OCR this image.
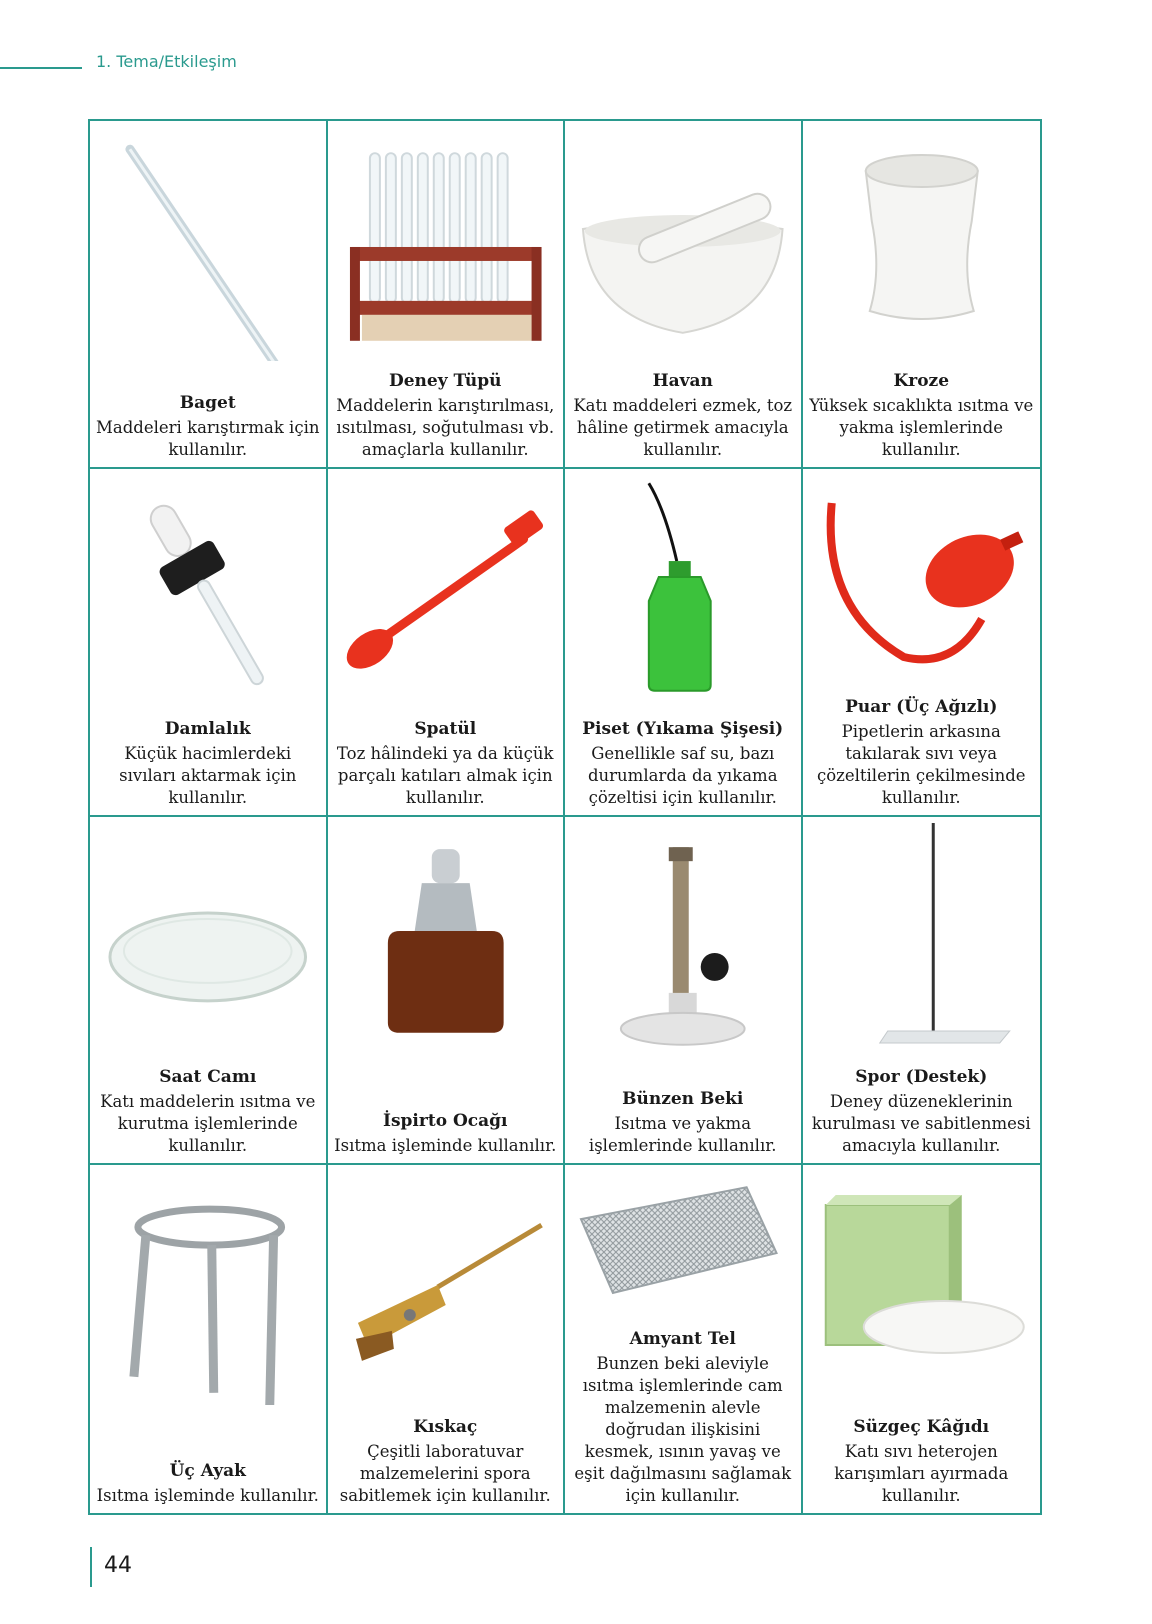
1. Tema/Etkileşim
Baget
Maddeleri karıştırmak için kullanılır.
Deney Tüpü
Maddelerin karıştırılması, ısıtılması, soğutulması vb. amaçlarla kullanılır.
Havan
Katı maddeleri ezmek, toz hâline getirmek amacıyla kullanılır.
Kroze
Yüksek sıcaklıkta ısıtma ve yakma işlemlerinde kullanılır.
Damlalık
Küçük hacimlerdeki sıvıları aktarmak için kullanılır.
Spatül
Toz hâlindeki ya da küçük parçalı katıları almak için kullanılır.
Piset (Yıkama Şişesi)
Genellikle saf su, bazı durumlarda da yıkama çözeltisi için kullanılır.
Puar (Üç Ağızlı)
Pipetlerin arkasına takılarak sıvı veya çözeltilerin çekilmesinde kullanılır.
Saat Camı
Katı maddelerin ısıtma ve kurutma işlemlerinde kullanılır.
İspirto Ocağı
Isıtma işleminde kullanılır.
Bünzen Beki
Isıtma ve yakma işlemlerinde kullanılır.
Spor (Destek)
Deney düzeneklerinin kurulması ve sabitlenmesi amacıyla kullanılır.
Üç Ayak
Isıtma işleminde kullanılır.
Kıskaç
Çeşitli laboratuvar malzemelerini spora sabitlemek için kullanılır.
Amyant Tel
Bunzen beki aleviyle ısıtma işlemlerinde cam malzemenin alevle doğrudan ilişkisini kesmek, ısının yavaş ve eşit dağılmasını sağlamak için kullanılır.
Süzgeç Kâğıdı
Katı sıvı heterojen karışımları ayırmada kullanılır.
44
